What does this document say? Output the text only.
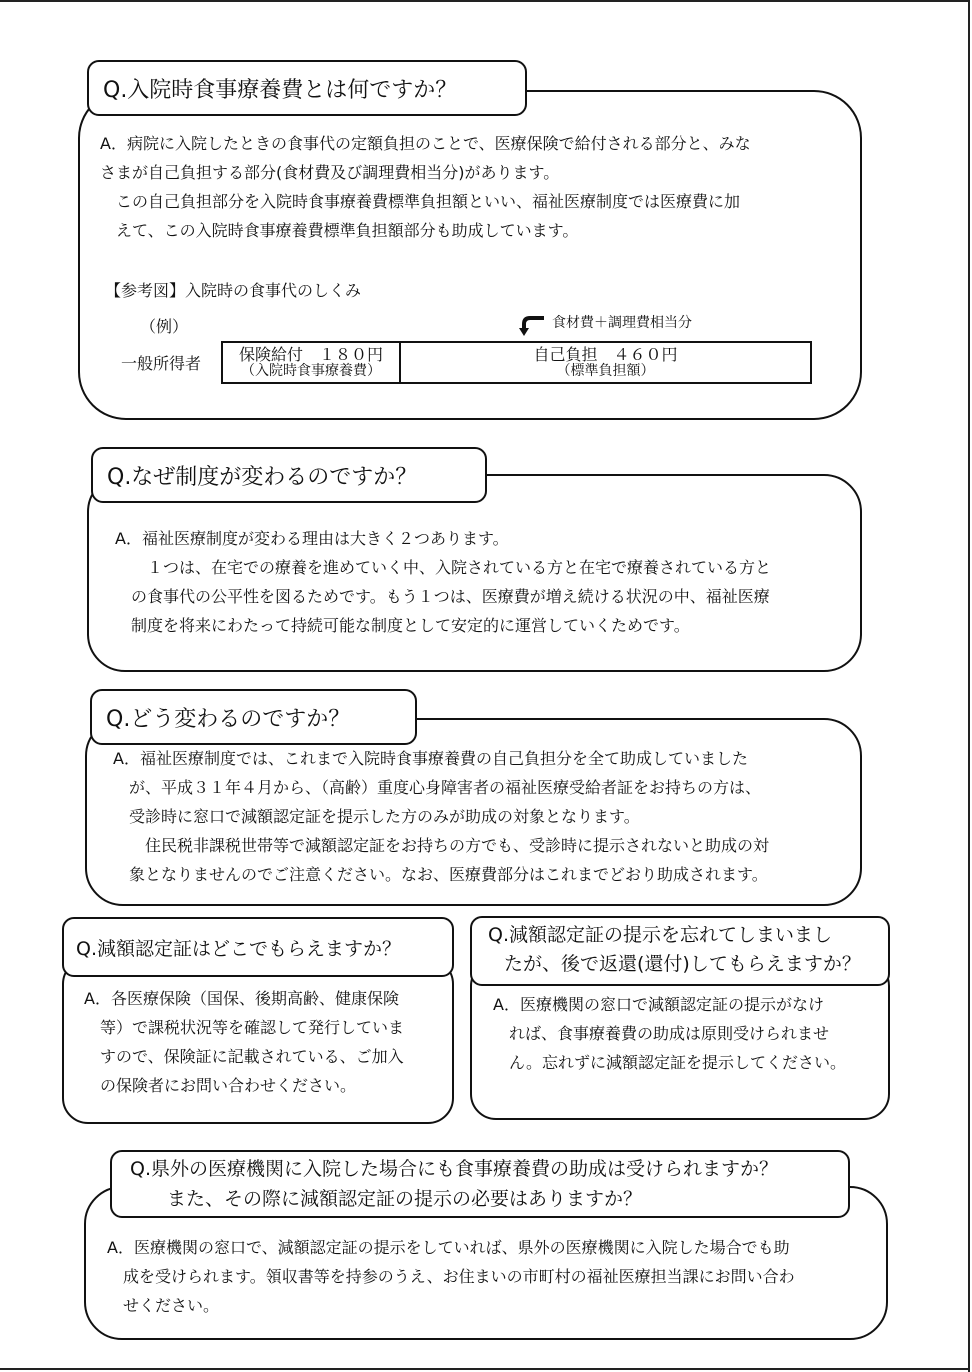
Q.入院時食事療養費とは何ですか？

A．病院に入院したときの食事代の定額負担のことで、医療保険で給付される部分と、みな

さまが自己負担する部分(食材費及び調理費相当分)があります。

　この自己負担部分を入院時食事療養費標準負担額といい、福祉医療制度では医療費に加

えて、この入院時食事療養費標準負担額部分も助成しています。

【参考図】入院時の食事代のしくみ
（例）	食材費＋調理費相当分
一般所得者 保険給付　１８０円
（入院時食事療養費）
自己負担　４６０円
（標準負担額）
Q.なぜ制度が変わるのですか？

A．福祉医療制度が変わる理由は大きく２つあります。

　１つは、在宅での療養を進めていく中、入院されている方と在宅で療養されている方と

の食事代の公平性を図るためです。もう１つは、医療費が増え続ける状況の中、福祉医療

制度を将来にわたって持続可能な制度として安定的に運営していくためです。

Q.どう変わるのですか？

A．福祉医療制度では、これまで入院時食事療養費の自己負担分を全て助成していました

が、平成３１年４月から、（高齢）重度心身障害者の福祉医療受給者証をお持ちの方は、

受診時に窓口で減額認定証を提示した方のみが助成の対象となります。

　住民税非課税世帯等で減額認定証をお持ちの方でも、受診時に提示されないと助成の対

象となりませんのでご注意ください。なお、医療費部分はこれまでどおり助成されます。

Q.減額認定証はどこでもらえますか？

A．各医療保険（国保、後期高齢、健康保険

等）で課税状況等を確認して発行していま

すので、保険証に記載されている、ご加入

の保険者にお問い合わせください。

Q.減額認定証の提示を忘れてしまいまし
たが、後で返還(還付)してもらえますか？

A．医療機関の窓口で減額認定証の提示がなけ

れば、食事療養費の助成は原則受けられませ

ん。忘れずに減額認定証を提示してください。

Q.県外の医療機関に入院した場合にも食事療養費の助成は受けられますか？
また、その際に減額認定証の提示の必要はありますか？

A．医療機関の窓口で、減額認定証の提示をしていれば、県外の医療機関に入院した場合でも助

成を受けられます。領収書等を持参のうえ、お住まいの市町村の福祉医療担当課にお問い合わ

せください。
